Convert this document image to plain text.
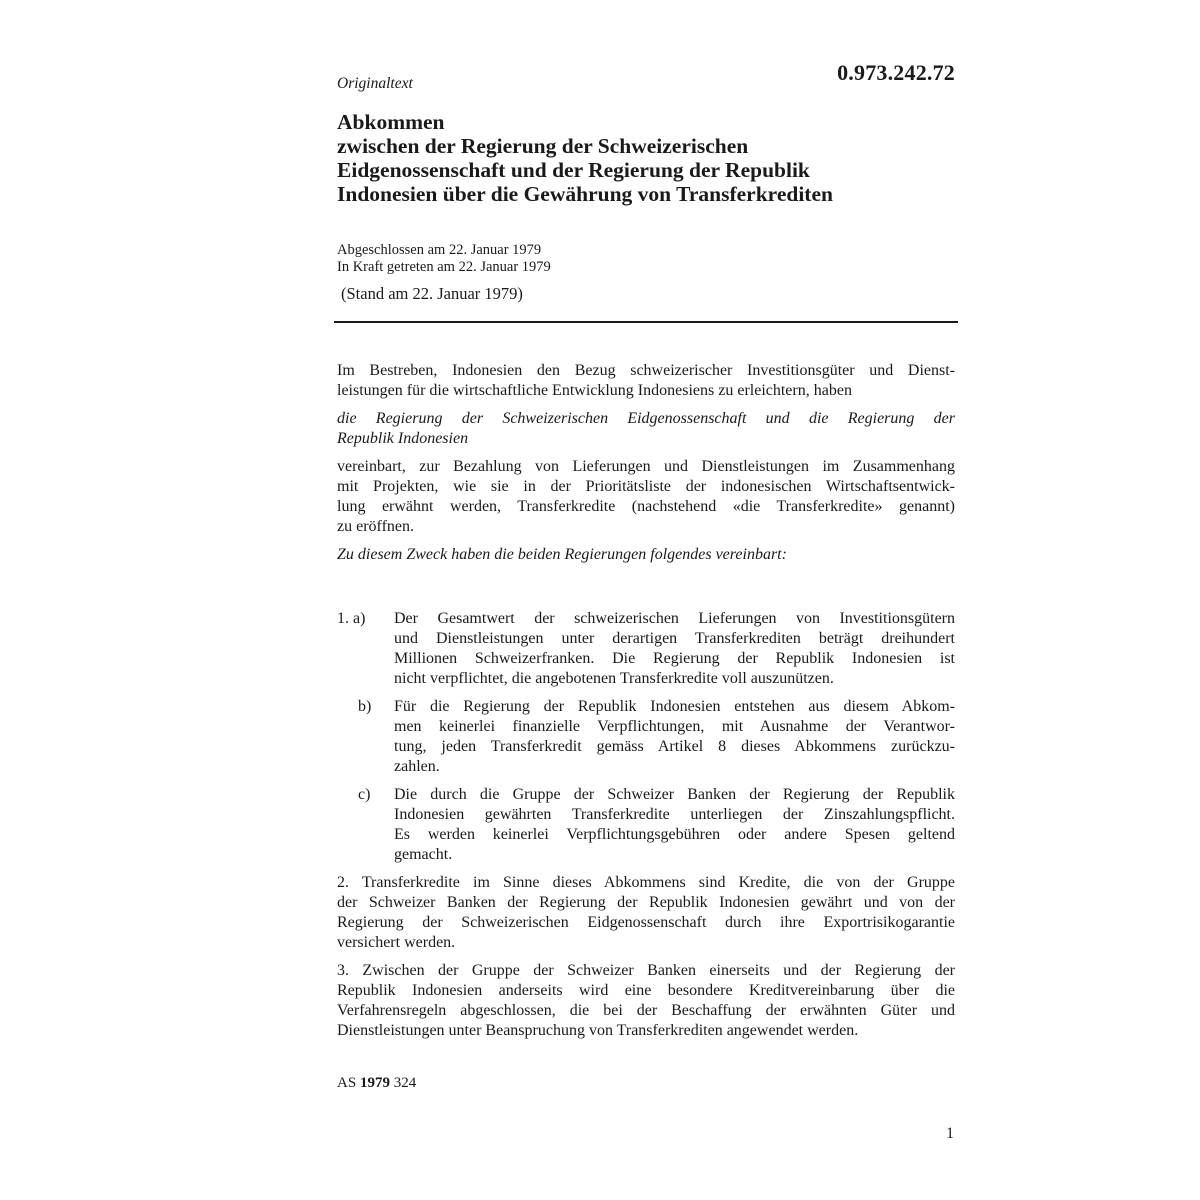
0.973.242.72
Originaltext
Abkommen
zwischen der Regierung der Schweizerischen
Eidgenossenschaft und der Regierung der Republik
Indonesien über die Gewährung von Transferkrediten
Abgeschlossen am 22. Januar 1979
In Kraft getreten am 22. Januar 1979
(Stand am 22. Januar 1979)
Im Bestreben, Indonesien den Bezug schweizerischer Investitionsgüter und Dienst-
leistungen für die wirtschaftliche Entwicklung Indonesiens zu erleichtern, haben
die Regierung der Schweizerischen Eidgenossenschaft und die Regierung der
Republik Indonesien
vereinbart, zur Bezahlung von Lieferungen und Dienstleistungen im Zusammenhang
mit Projekten, wie sie in der Prioritätsliste der indonesischen Wirtschaftsentwick-
lung erwähnt werden, Transferkredite (nachstehend «die Transferkredite» genannt)
zu eröffnen.
Zu diesem Zweck haben die beiden Regierungen folgendes vereinbart:
1. a) Der Gesamtwert der schweizerischen Lieferungen von Investitionsgütern
und Dienstleistungen unter derartigen Transferkrediten beträgt dreihundert
Millionen Schweizerfranken. Die Regierung der Republik Indonesien ist
nicht verpflichtet, die angebotenen Transferkredite voll auszunützen.
b) Für die Regierung der Republik Indonesien entstehen aus diesem Abkom-
men keinerlei finanzielle Verpflichtungen, mit Ausnahme der Verantwor-
tung, jeden Transferkredit gemäss Artikel 8 dieses Abkommens zurückzu-
zahlen.
c) Die durch die Gruppe der Schweizer Banken der Regierung der Republik
Indonesien gewährten Transferkredite unterliegen der Zinszahlungspflicht.
Es werden keinerlei Verpflichtungsgebühren oder andere Spesen geltend
gemacht.
2. Transferkredite im Sinne dieses Abkommens sind Kredite, die von der Gruppe
der Schweizer Banken der Regierung der Republik Indonesien gewährt und von der
Regierung der Schweizerischen Eidgenossenschaft durch ihre Exportrisikogarantie
versichert werden.
3. Zwischen der Gruppe der Schweizer Banken einerseits und der Regierung der
Republik Indonesien anderseits wird eine besondere Kreditvereinbarung über die
Verfahrensregeln abgeschlossen, die bei der Beschaffung der erwähnten Güter und
Dienstleistungen unter Beanspruchung von Transferkrediten angewendet werden.
AS 1979 324
1
